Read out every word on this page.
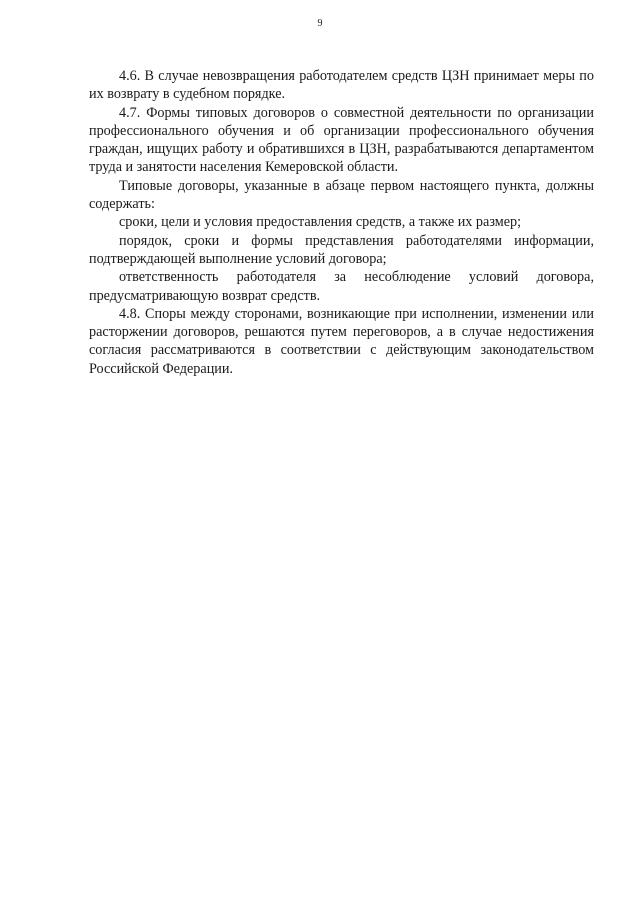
9

4.6. В случае невозвращения работодателем средств ЦЗН принимает меры по их возврату в судебном порядке.

4.7. Формы типовых договоров о совместной деятельности по организации профессионального обучения и об организации профессионального обучения граждан, ищущих работу и обратившихся в ЦЗН, разрабатываются департаментом труда и занятости населения Кемеровской области.

Типовые договоры, указанные в абзаце первом настоящего пункта, должны содержать:

сроки, цели и условия предоставления средств, а также их размер;

порядок, сроки и формы представления работодателями информации, подтверждающей выполнение условий договора;

ответственность работодателя за несоблюдение условий договора, предусматривающую возврат средств.

4.8. Споры между сторонами, возникающие при исполнении, изменении или расторжении договоров, решаются путем переговоров, а в случае недостижения согласия рассматриваются в соответствии с действующим законодательством Российской Федерации.
